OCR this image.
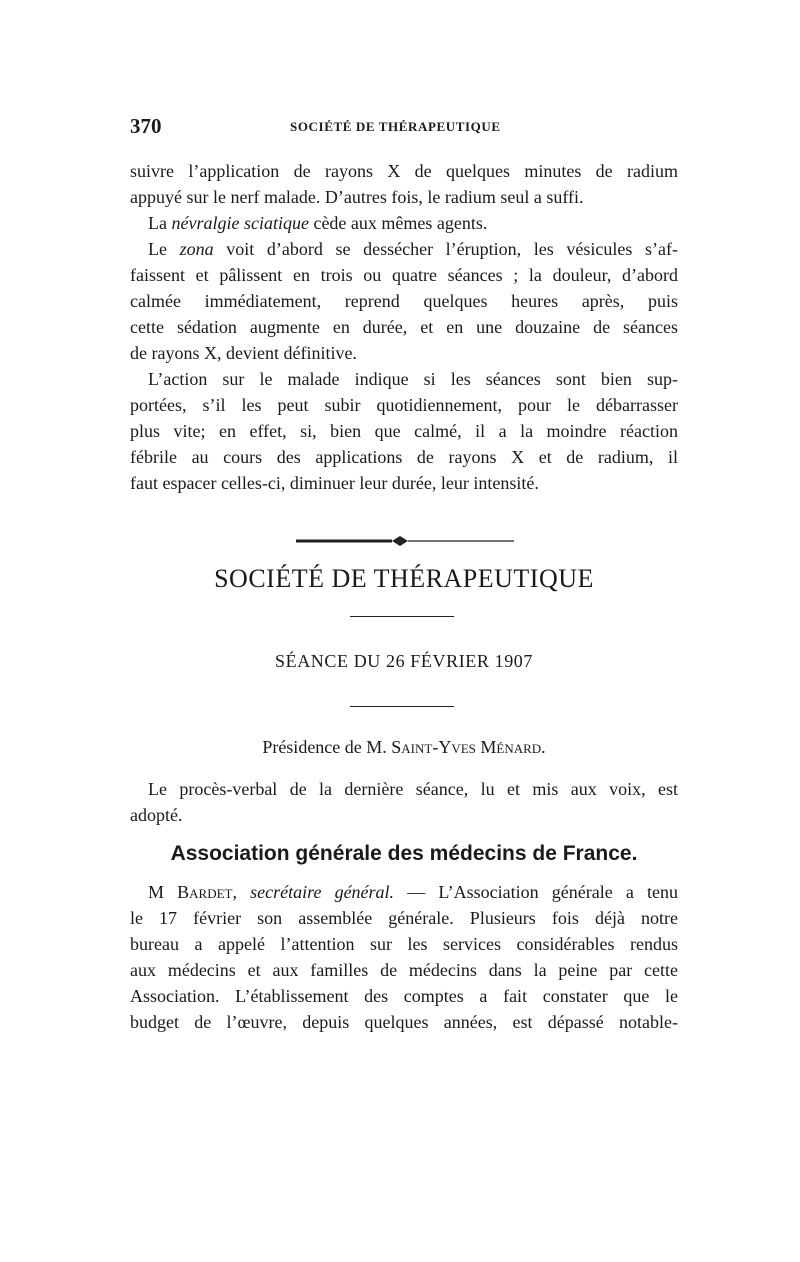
370	SOCIÉTÉ DE THÉRAPEUTIQUE

suivre l’application de rayons X de quelques minutes de radium
appuyé sur le nerf malade. D’autres fois, le radium seul a suffi.

La névralgie sciatique cède aux mêmes agents.

Le zona voit d’abord se dessécher l’éruption, les vésicules s’af-
faissent et pâlissent en trois ou quatre séances ; la douleur, d’abord
calmée immédiatement, reprend quelques heures après, puis
cette sédation augmente en durée, et en une douzaine de séances
de rayons X, devient définitive.

L’action sur le malade indique si les séances sont bien sup-
portées, s’il les peut subir quotidiennement, pour le débarrasser
plus vite; en effet, si, bien que calmé, il a la moindre réaction
fébrile au cours des applications de rayons X et de radium, il
faut espacer celles-ci, diminuer leur durée, leur intensité.

SOCIÉTÉ DE THÉRAPEUTIQUE

SÉANCE DU 26 FÉVRIER 1907

Présidence de M. Saint-Yves Ménard.

Le procès-verbal de la dernière séance, lu et mis aux voix, est
adopté.

Association générale des médecins de France.

M Bardet, secrétaire général. — L’Association générale a tenu
le 17 février son assemblée générale. Plusieurs fois déjà notre
bureau a appelé l’attention sur les services considérables rendus
aux médecins et aux familles de médecins dans la peine par cette
Association. L’établissement des comptes a fait constater que le
budget de l’œuvre, depuis quelques années, est dépassé notable-
